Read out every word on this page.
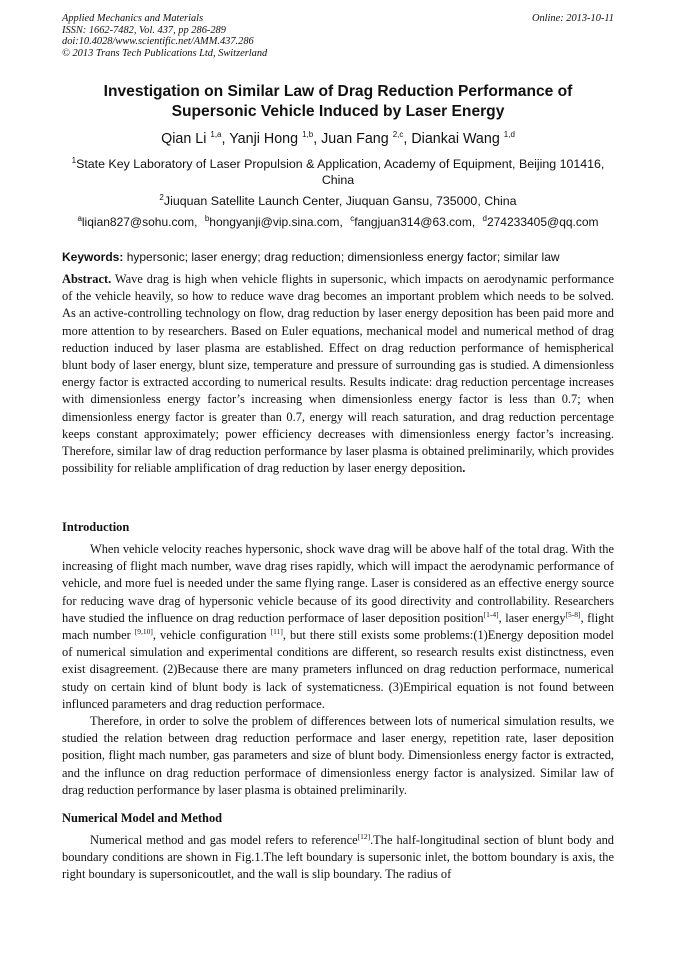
Applied Mechanics and Materials
ISSN: 1662-7482, Vol. 437, pp 286-289
doi:10.4028/www.scientific.net/AMM.437.286
© 2013 Trans Tech Publications Ltd, Switzerland
Online: 2013-10-11
Investigation on Similar Law of Drag Reduction Performance of
Supersonic Vehicle Induced by Laser Energy
Qian Li $^{1,a}$, Yanji Hong $^{1,b}$, Juan Fang $^{2,c}$, Diankai Wang $^{1,d}$
$^1$State Key Laboratory of Laser Propulsion & Application, Academy of Equipment, Beijing 101416, China
$^2$Jiuquan Satellite Launch Center, Jiuquan Gansu, 735000, China
$^a$liqian827@sohu.com, $^b$hongyanji@vip.sina.com, $^c$fangjuan314@63.com, $^d$274233405@qq.com
Keywords: hypersonic; laser energy; drag reduction; dimensionless energy factor; similar law
Abstract. Wave drag is high when vehicle flights in supersonic, which impacts on aerodynamic performance of the vehicle heavily, so how to reduce wave drag becomes an important problem which needs to be solved. As an active-controlling technology on flow, drag reduction by laser energy deposition has been paid more and more attention to by researchers. Based on Euler equations, mechanical model and numerical method of drag reduction induced by laser plasma are established. Effect on drag reduction performance of hemispherical blunt body of laser energy, blunt size, temperature and pressure of surrounding gas is studied. A dimensionless energy factor is extracted according to numerical results. Results indicate: drag reduction percentage increases with dimensionless energy factor’s increasing when dimensionless energy factor is less than 0.7; when dimensionless energy factor is greater than 0.7, energy will reach saturation, and drag reduction percentage keeps constant approximately; power efficiency decreases with dimensionless energy factor’s increasing. Therefore, similar law of drag reduction performance by laser plasma is obtained preliminarily, which provides possibility for reliable amplification of drag reduction by laser energy deposition.
Introduction

When vehicle velocity reaches hypersonic, shock wave drag will be above half of the total drag. With the increasing of flight mach number, wave drag rises rapidly, which will impact the aerodynamic performance of vehicle, and more fuel is needed under the same flying range. Laser is considered as an effective energy source for reducing wave drag of hypersonic vehicle because of its good directivity and controllability. Researchers have studied the influence on drag reduction performace of laser deposition position[1-4], laser energy[5-8], flight mach number [9,10], vehicle configuration [11], but there still exists some problems:(1)Energy deposition model of numerical simulation and experimental conditions are different, so research results exist distinctness, even exist disagreement. (2)Because there are many prameters influnced on drag reduction performace, numerical study on certain kind of blunt body is lack of systematicness. (3)Empirical equation is not found between influnced parameters and drag reduction performace.

Therefore, in order to solve the problem of differences between lots of numerical simulation results, we studied the relation between drag reduction performace and laser energy, repetition rate, laser deposition position, flight mach number, gas parameters and size of blunt body. Dimensionless energy factor is extracted, and the influnce on drag reduction performace of dimensionless energy factor is analysized. Similar law of drag reduction performance by laser plasma is obtained preliminarily.

Numerical Model and Method

Numerical method and gas model refers to reference[12].The half-longitudinal section of blunt body and boundary conditions are shown in Fig.1.The left boundary is supersonic inlet, the bottom boundary is axis, the right boundary is supersonicoutlet, and the wall is slip boundary. The radius of
